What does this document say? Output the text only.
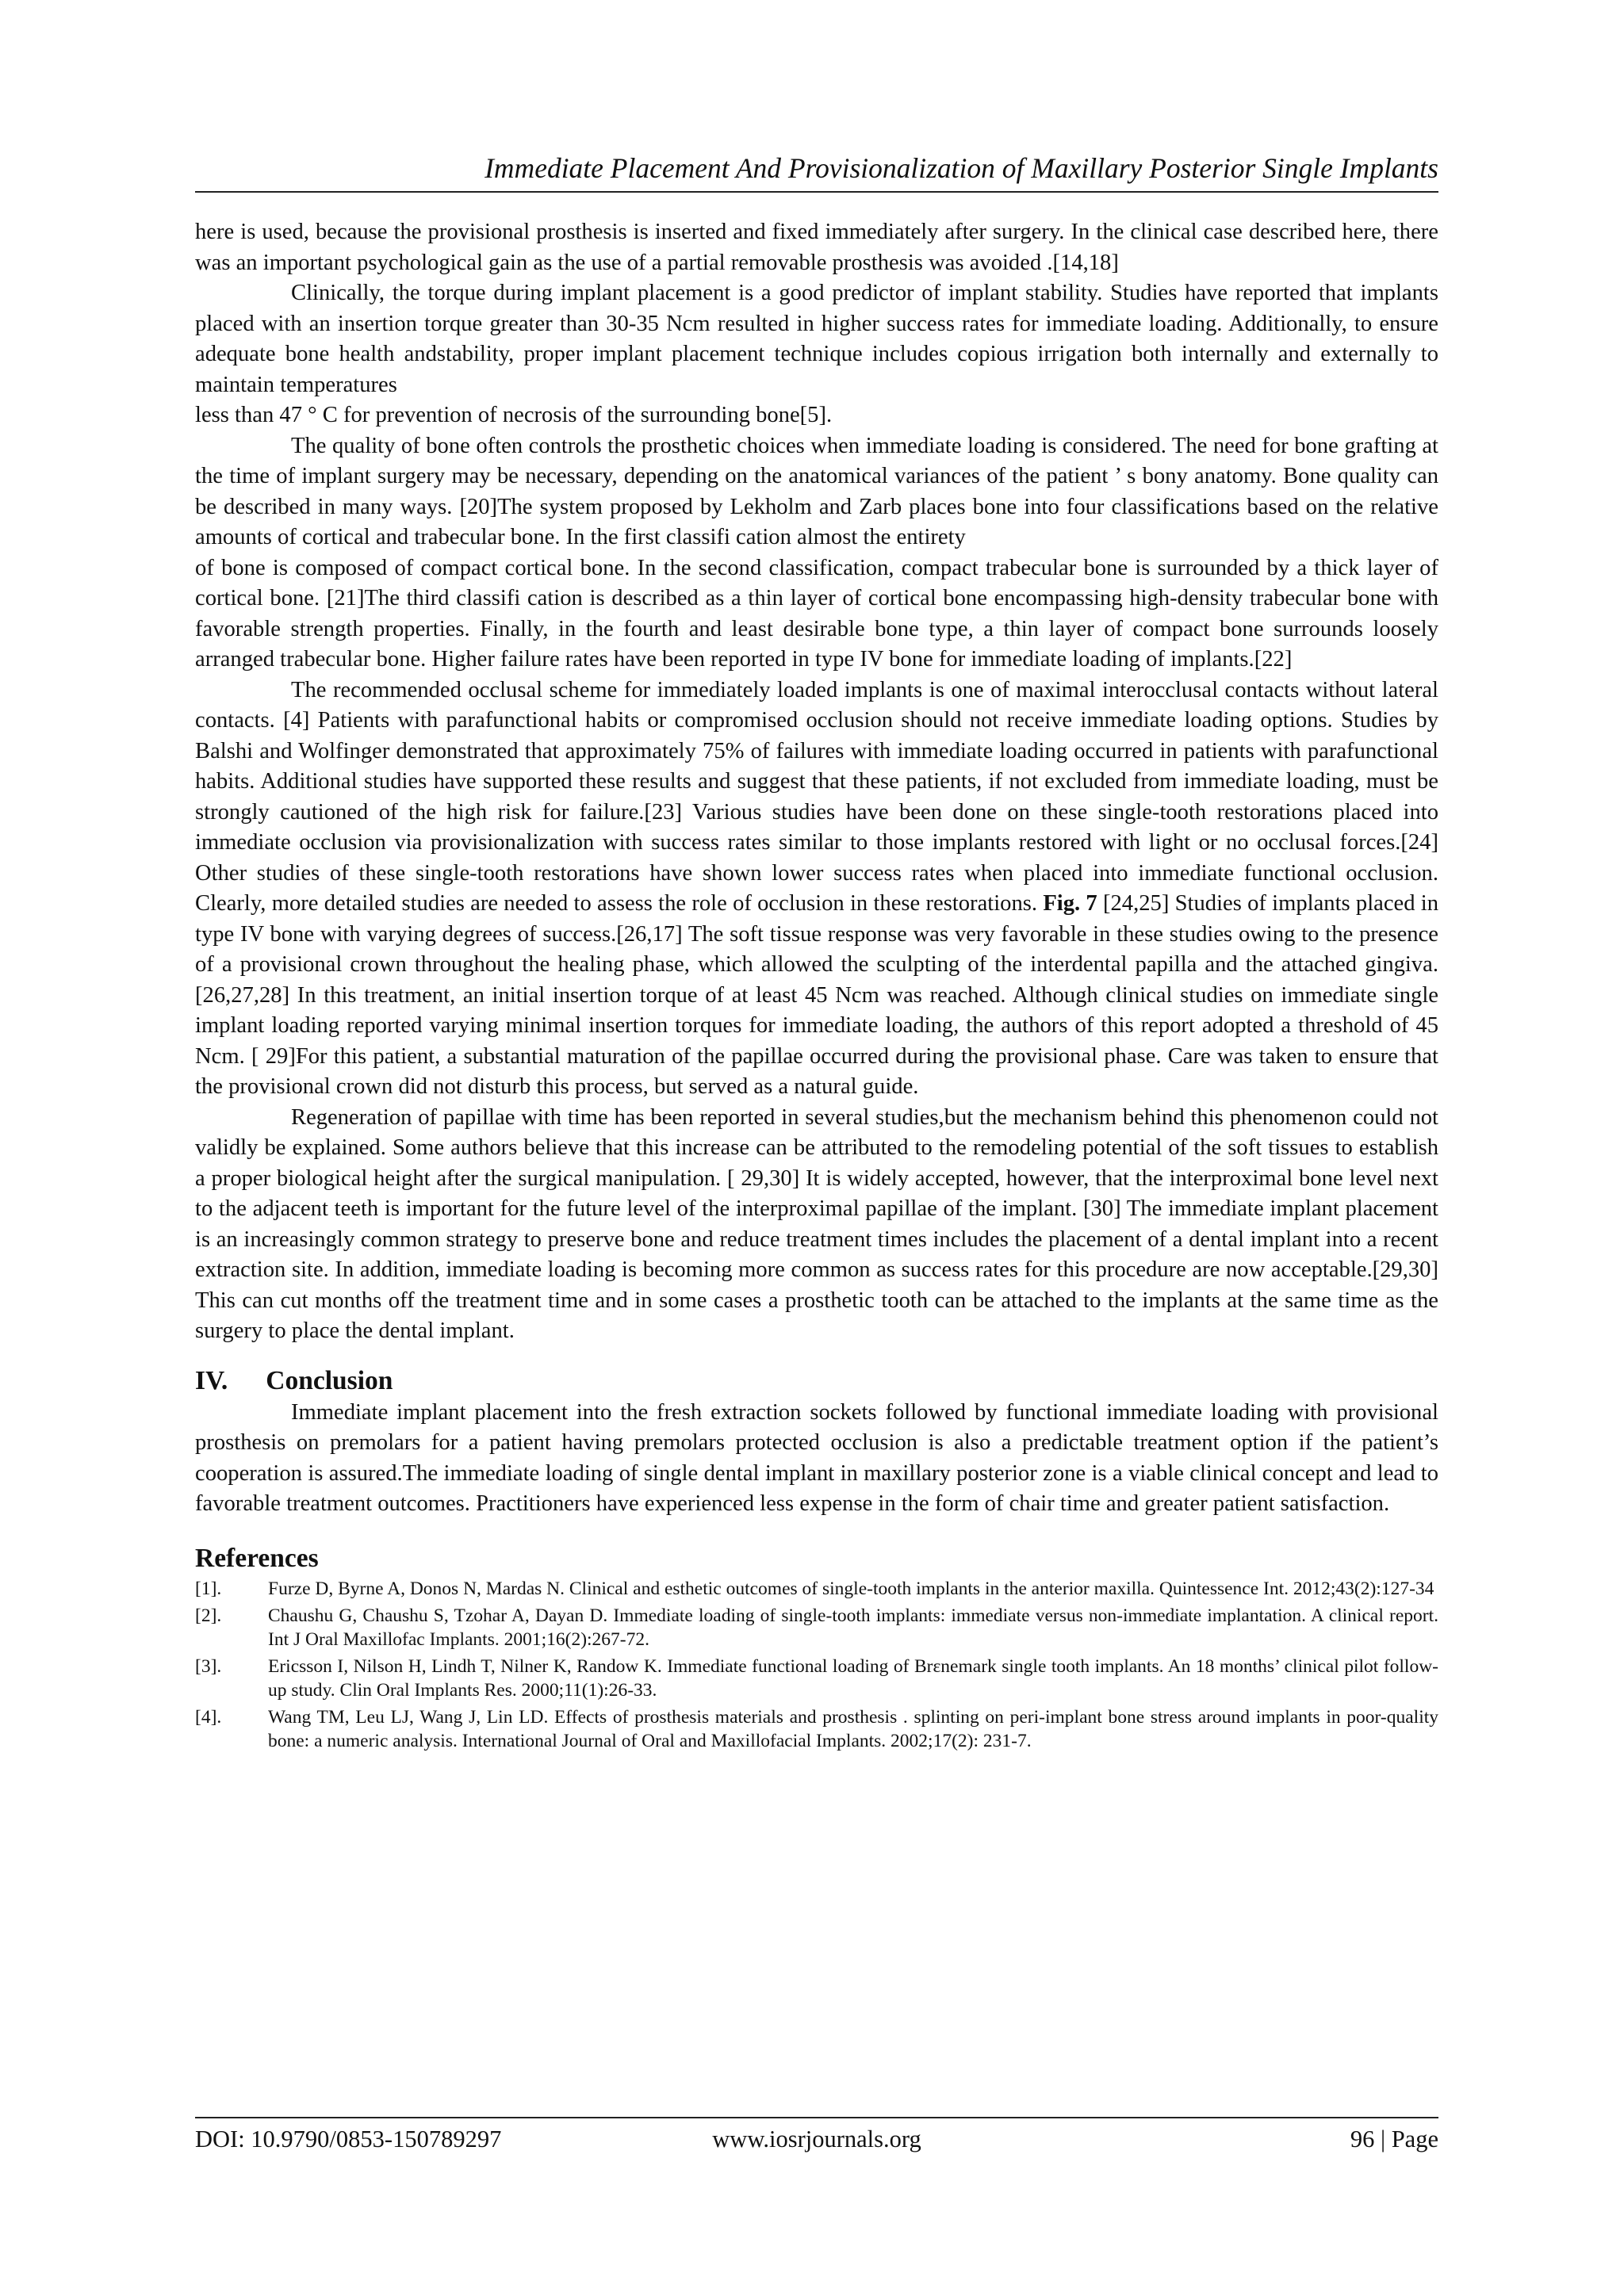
Immediate Placement And Provisionalization of Maxillary Posterior Single Implants

here is used, because the provisional prosthesis is inserted and fixed immediately after surgery. In the clinical case described here, there was an important psychological gain as the use of a partial removable prosthesis was avoided .[14,18]

Clinically, the torque during implant placement is a good predictor of implant stability. Studies have reported that implants placed with an insertion torque greater than 30-35 Ncm resulted in higher success rates for immediate loading. Additionally, to ensure adequate bone health andstability, proper implant placement technique includes copious irrigation both internally and externally to maintain temperatures

less than 47 ° C for prevention of necrosis of the surrounding bone[5].

The quality of bone often controls the prosthetic choices when immediate loading is considered. The need for bone grafting at the time of implant surgery may be necessary, depending on the anatomical variances of the patient ’ s bony anatomy. Bone quality can be described in many ways. [20]The system proposed by Lekholm and Zarb places bone into four classifications based on the relative amounts of cortical and trabecular bone. In the first classifi cation almost the entirety

of bone is composed of compact cortical bone. In the second classification, compact trabecular bone is surrounded by a thick layer of cortical bone. [21]The third classifi cation is described as a thin layer of cortical bone encompassing high-density trabecular bone with favorable strength properties. Finally, in the fourth and least desirable bone type, a thin layer of compact bone surrounds loosely arranged trabecular bone. Higher failure rates have been reported in type IV bone for immediate loading of implants.[22]

The recommended occlusal scheme for immediately loaded implants is one of maximal interocclusal contacts without lateral contacts. [4] Patients with parafunctional habits or compromised occlusion should not receive immediate loading options. Studies by Balshi and Wolfinger demonstrated that approximately 75% of failures with immediate loading occurred in patients with parafunctional habits. Additional studies have supported these results and suggest that these patients, if not excluded from immediate loading, must be strongly cautioned of the high risk for failure.[23] Various studies have been done on these single-tooth restorations placed into immediate occlusion via provisionalization with success rates similar to those implants restored with light or no occlusal forces.[24] Other studies of these single-tooth restorations have shown lower success rates when placed into immediate functional occlusion. Clearly, more detailed studies are needed to assess the role of occlusion in these restorations. Fig. 7 [24,25] Studies of implants placed in type IV bone with varying degrees of success.[26,17] The soft tissue response was very favorable in these studies owing to the presence of a provisional crown throughout the healing phase, which allowed the sculpting of the interdental papilla and the attached gingiva.[26,27,28] In this treatment, an initial insertion torque of at least 45 Ncm was reached. Although clinical studies on immediate single implant loading reported varying minimal insertion torques for immediate loading, the authors of this report adopted a threshold of 45 Ncm. [ 29]For this patient, a substantial maturation of the papillae occurred during the provisional phase. Care was taken to ensure that the provisional crown did not disturb this process, but served as a natural guide.

Regeneration of papillae with time has been reported in several studies,but the mechanism behind this phenomenon could not validly be explained. Some authors believe that this increase can be attributed to the remodeling potential of the soft tissues to establish a proper biological height after the surgical manipulation. [ 29,30] It is widely accepted, however, that the interproximal bone level next to the adjacent teeth is important for the future level of the interproximal papillae of the implant. [30] The immediate implant placement is an increasingly common strategy to preserve bone and reduce treatment times includes the placement of a dental implant into a recent extraction site. In addition, immediate loading is becoming more common as success rates for this procedure are now acceptable.[29,30] This can cut months off the treatment time and in some cases a prosthetic tooth can be attached to the implants at the same time as the surgery to place the dental implant.

IV. Conclusion

Immediate implant placement into the fresh extraction sockets followed by functional immediate loading with provisional prosthesis on premolars for a patient having premolars protected occlusion is also a predictable treatment option if the patient’s cooperation is assured.The immediate loading of single dental implant in maxillary posterior zone is a viable clinical concept and lead to favorable treatment outcomes. Practitioners have experienced less expense in the form of chair time and greater patient satisfaction.

References

[1].	Furze D, Byrne A, Donos N, Mardas N. Clinical and esthetic outcomes of single-tooth implants in the anterior maxilla. Quintessence Int. 2012;43(2):127-34
[2].	Chaushu G, Chaushu S, Tzohar A, Dayan D. Immediate loading of single-tooth implants: immediate versus non-immediate implantation. A clinical report. Int J Oral Maxillofac Implants. 2001;16(2):267-72.
[3].	Ericsson I, Nilson H, Lindh T, Nilner K, Randow K. Immediate functional loading of Brεnemark single tooth implants. An 18 months’ clinical pilot follow-up study. Clin Oral Implants Res. 2000;11(1):26-33.
[4].	Wang TM, Leu LJ, Wang J, Lin LD. Effects of prosthesis materials and prosthesis . splinting on peri-implant bone stress around implants in poor-quality bone: a numeric analysis. International Journal of Oral and Maxillofacial Implants. 2002;17(2): 231-7.
DOI: 10.9790/0853-150789297	www.iosrjournals.org	96 | Page
